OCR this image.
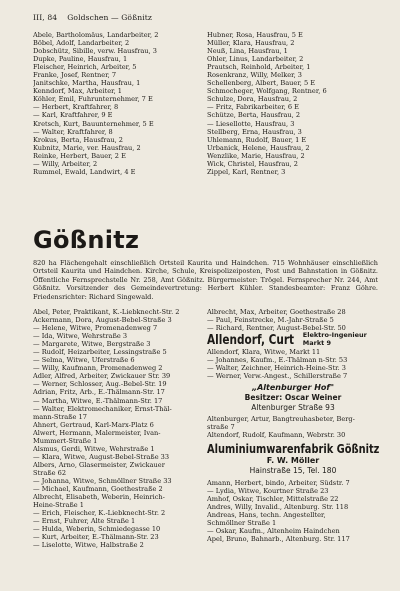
III, 84 Goldschen — Gößnitz
Abele, Bartholomäus, Landarbeiter, 2
Böbel, Adolf, Landarbeiter, 2
Dobschütz, Sibille, verw. Hausfrau, 3
Dupke, Pauline, Hausfrau, 1
Fleischer, Heinrich, Arbeiter, 5
Franke, Josef, Rentner, 7
Janitschke, Martha, Hausfrau, 1
Kenndorf, Max, Arbeiter, 1
Köhler, Emil, Fuhrunternehmer, 7 E
— Herbert, Kraftfahrer, 8
— Karl, Kraftfahrer, 9 E
Kretsch, Kurt, Bauunternehmer, 5 E
— Walter, Kraftfahrer, 8
Krokus, Berta, Hausfrau, 2
Kubnitz, Marie, ver. Hausfrau, 2
Reinke, Herbert, Bauer, 2 E
— Willy, Arbeiter, 2
Rummel, Ewald, Landwirt, 4 E
Hubner, Rosa, Hausfrau, 5 E
Müller, Klara, Hausfrau, 2
Neuß, Lina, Hausfrau, 1
Ohler, Linus, Landarbeiter, 2
Prautsch, Reinhold, Arbeiter, 1
Rosenkranz, Willy, Melker, 3
Schellenberg, Albert, Bauer, 5 E
Schmocheger, Wolfgang, Rentner, 6
Schulze, Dora, Hausfrau, 2
— Fritz, Fabrikarbeiter, 6 E
Schütze, Berta, Hausfrau, 2
— Liesellotte, Hausfrau, 3
Stellberg, Erna, Hausfrau, 3
Uhlemann, Rudolf, Bauer, 1 E
Urbanick, Helene, Hausfrau, 2
Wenzlike, Marie, Hausfrau, 2
Wick, Christel, Hausfrau, 2
Zippel, Karl, Rentner, 3
Gößnitz
820 ha Flächengehalt einschließlich Ortsteil Kaurita und Haindchen. 715 Wohnhäuser einschließlich Ortsteil Kaurita und Haindchen. Kirche, Schule, Kreispolizeiposten, Post und Bahnstation in Gößnitz. Öffentliche Fernsprechstelle Nr. 258, Amt Gößnitz. Bürgermeister: Trögel. Fernsprecher Nr. 244, Amt Gößnitz. Vorsitzender des Gemeindevertretung: Herbert Kühler. Standesbeamter: Franz Göhre. Friedensrichter: Richard Singewald.
Abel, Peter, Praktikant, K.-Liebknecht-Str. 2
Ackermann, Dora, August-Bebel-Straße 3
— Helene, Witwe, Promenadenweg 7
— Ida, Witwe, Wehrstraße 3
— Margarete, Witwe, Bergstraße 3
— Rudolf, Heizarbeiter, Lessingstraße 5
— Selma, Witwe, Uferstraße 6
— Willy, Kaufmann, Promenadenweg 2
Adler, Alfred, Arbeiter, Zwickauer Str. 39
— Werner, Schlosser, Aug.-Bebel-Str. 19
Adrian, Fritz, Arb., E.-Thälmann-Str. 17
— Martha, Witwe, E.-Thälmann-Str. 17
— Walter, Elektromechaniker, Ernst-Thäl-
mann-Straße 17
Ahnert, Gertraud, Karl-Marx-Platz 6
Alwert, Hermann, Malermeister, Ivan-
Mummert-Straße 1
Alsmus, Gerdi, Witwe, Wehrstraße 1
— Klara, Witwe, August-Bebel-Straße 33
Albers, Arno, Glasermeister, Zwickauer
Straße 62
— Johanna, Witwe, Schmöllner Straße 33
— Michael, Kaufmann, Goethestraße 2
Albrecht, Elisabeth, Weberin, Heinrich-
Heine-Straße 1
— Erich, Fleischer, K.-Liebknecht-Str. 2
— Ernst, Fuhrer, Alte Straße 1
— Hulda, Weberin, Schmiedegasse 10
— Kurt, Arbeiter, E.-Thälmann-Str. 23
— Liselotte, Witwe, Halbstraße 2
Albrecht, Max, Arbeiter, Goethestraße 28
— Paul, Feinstrecke, M.-Jahr-Straße 5
— Richard, Rentner, August-Bebel-Str. 50
Allendorf, Curt Elektro-Ingenieur
Markt 9
Allendorf, Klara, Witwe, Markt 11
— Johannes, Kaufm., E.-Thälman n-Str. 53
— Walter, Zeichner, Heinrich-Heine-Str. 3
— Werner, Verw.-Angest., Schillerstraße 7
„Altenburger Hof"
Besitzer: Oscar Weiner
Altenburger Straße 93
Altenburger, Artur, Bangtreuhasbeter, Berg-
straße 7
Altendorf, Rudolf, Kaufmann, Webrstr. 30
Aluminiumwarenfabrik Gößnitz
F. W. Möller
Hainstraße 15, Tel. 180
Amann, Herbert, bindo, Arbeiter, Südstr. 7
— Lydia, Witwe, Kourtner Straße 23
Amhof, Oskar, Tischler, Mittelstraße 22
Andres, Willy, Invalid., Altenburg. Str. 118
Andreas, Hans, techn. Angestellter,
Schmöllner Straße 1
— Oskar, Kaufm., Altenheim Haindchen
Apel, Bruno, Bahnarb., Altenburg. Str. 117
